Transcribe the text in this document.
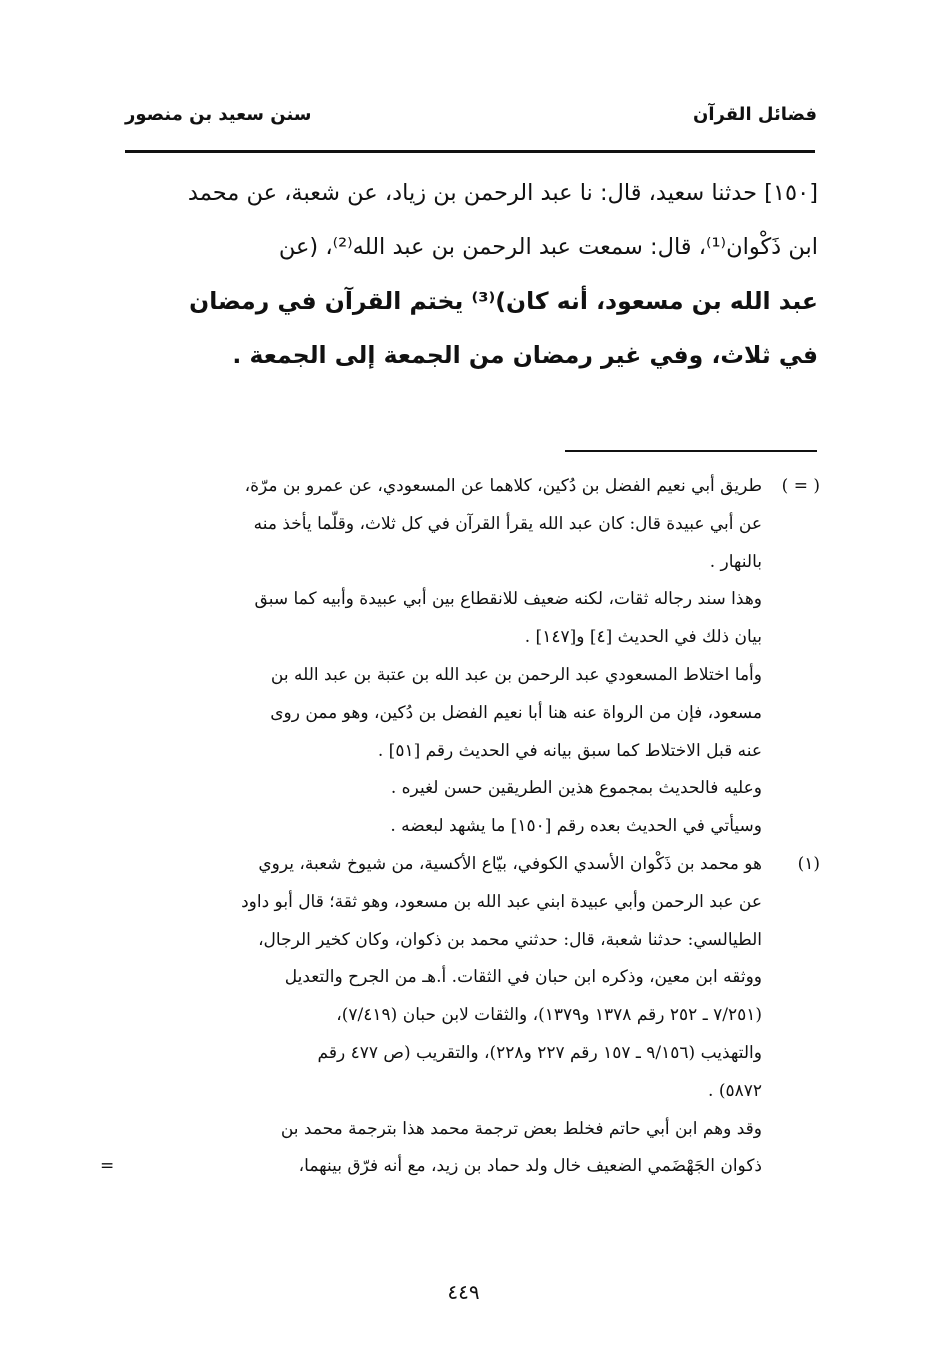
فضائل القرآن
سنن سعيد بن منصور
[١٥٠] حدثنا سعيد، قال: نا عبد الرحمن بن زياد، عن شعبة، عن محمد
ابن ذَكْوان⁽¹⁾، قال: سمعت عبد الرحمن بن عبد الله⁽²⁾، (عن
عبد الله بن مسعود، أنه كان)⁽³⁾ يختم القرآن في رمضان
في ثلاث، وفي غير رمضان من الجمعة إلى الجمعة .
( = )
طريق أبي نعيم الفضل بن دُكين، كلاهما عن المسعودي، عن عمرو بن مرّة،
عن أبي عبيدة قال: كان عبد الله يقرأ القرآن في كل ثلاث، وقلّما يأخذ منه
بالنهار .
وهذا سند رجاله ثقات، لكنه ضعيف للانقطاع بين أبي عبيدة وأبيه كما سبق
بيان ذلك في الحديث [٤] و[١٤٧] .
وأما اختلاط المسعودي عبد الرحمن بن عبد الله بن عتبة بن عبد الله بن
مسعود، فإن من الرواة عنه هنا أبا نعيم الفضل بن دُكين، وهو ممن روى
عنه قبل الاختلاط كما سبق بيانه في الحديث رقم [٥١] .
وعليه فالحديث بمجموع هذين الطريقين حسن لغيره .
وسيأتي في الحديث بعده رقم [١٥٠] ما يشهد لبعضه .
(١)
هو محمد بن ذَكْوان الأسدي الكوفي، بيّاع الأكسية، من شيوخ شعبة، يروي
عن عبد الرحمن وأبي عبيدة ابني عبد الله بن مسعود، وهو ثقة؛ قال أبو داود
الطيالسي: حدثنا شعبة، قال: حدثني محمد بن ذكوان، وكان كخير الرجال،
ووثقه ابن معين، وذكره ابن حبان في الثقات. أ.هـ من الجرح والتعديل
(٧/٢٥١ ـ ٢٥٢ رقم ١٣٧٨ و١٣٧٩)، والثقات لابن حبان (٧/٤١٩)،
والتهذيب (٩/١٥٦ ـ ١٥٧ رقم ٢٢٧ و٢٢٨)، والتقريب (ص ٤٧٧ رقم
٥٨٧٢) .
وقد وهم ابن أبي حاتم فخلط بعض ترجمة محمد هذا بترجمة محمد بن
ذكوان الجَهْضَمي الضعيف خال ولد حماد بن زيد، مع أنه فرّق بينهما،
=
٤٤٩
